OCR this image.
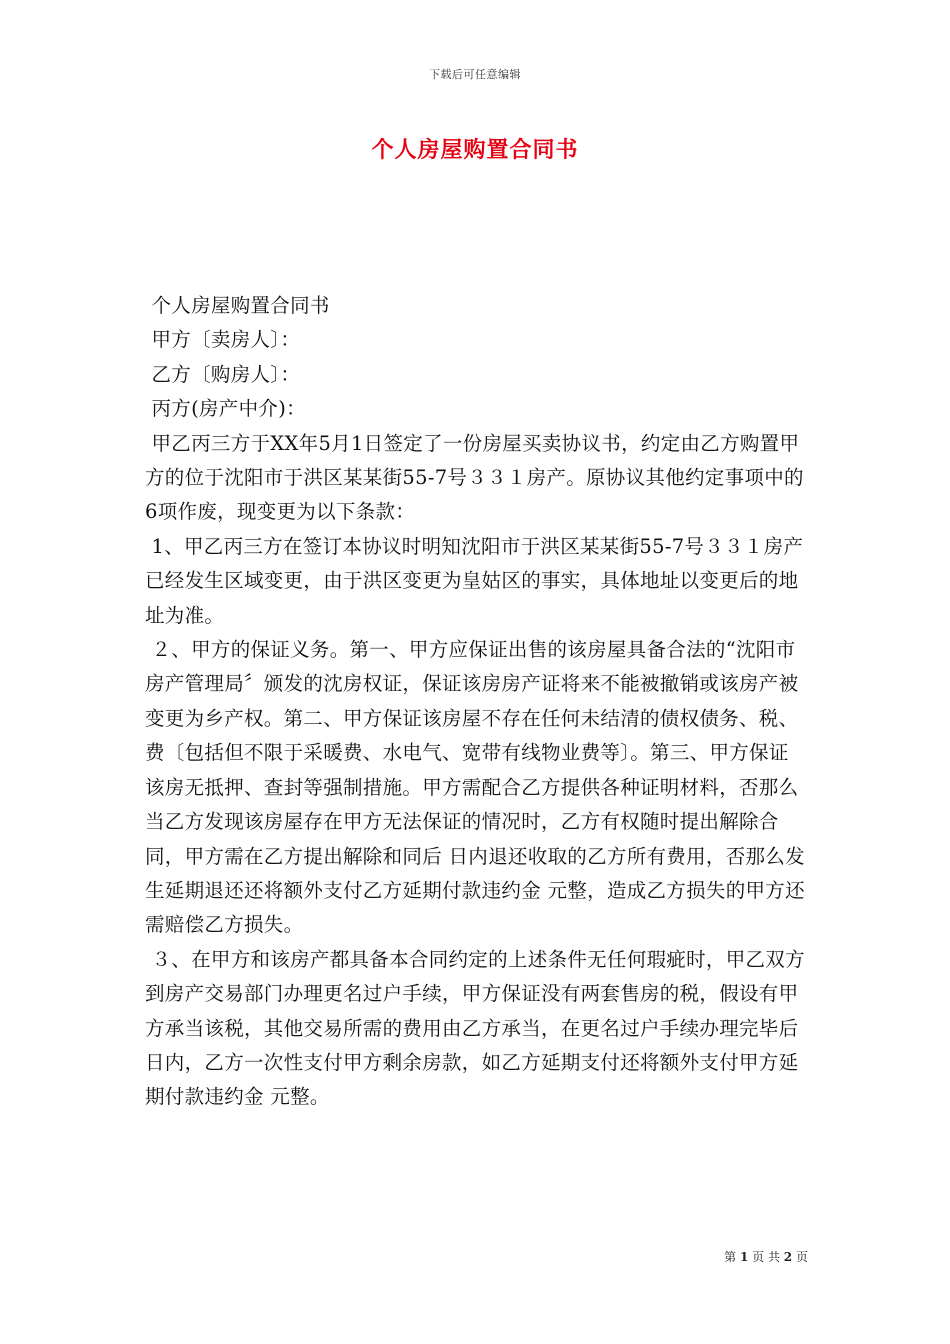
下载后可任意编辑
个人房屋购置合同书

个人房屋购置合同书

甲方〔卖房人〕：

乙方〔购房人〕：

丙方(房产中介)：

甲乙丙三方于XX年5月1日签定了一份房屋买卖协议书，约定由乙方购置甲方的位于沈阳市于洪区某某街55-7号３３１房产。原协议其他约定事项中的6项作废，现变更为以下条款：

1、甲乙丙三方在签订本协议时明知沈阳市于洪区某某街55-7号３３１房产已经发生区域变更，由于洪区变更为皇姑区的事实，具体地址以变更后的地址为准。

２、甲方的保证义务。第一、甲方应保证出售的该房屋具备合法的“沈阳市房产管理局〞颁发的沈房权证，保证该房房产证将来不能被撤销或该房产被变更为乡产权。第二、甲方保证该房屋不存在任何未结清的债权债务、税、费〔包括但不限于采暖费、水电气、宽带有线物业费等〕。第三、甲方保证该房无抵押、查封等强制措施。甲方需配合乙方提供各种证明材料，否那么当乙方发现该房屋存在甲方无法保证的情况时，乙方有权随时提出解除合同，甲方需在乙方提出解除和同后 日内退还收取的乙方所有费用，否那么发生延期退还还将额外支付乙方延期付款违约金 元整，造成乙方损失的甲方还需赔偿乙方损失。

３、在甲方和该房产都具备本合同约定的上述条件无任何瑕疵时，甲乙双方到房产交易部门办理更名过户手续，甲方保证没有两套售房的税，假设有甲方承当该税，其他交易所需的费用由乙方承当，在更名过户手续办理完毕后 日内，乙方一次性支付甲方剩余房款，如乙方延期支付还将额外支付甲方延期付款违约金 元整。

第 1 页 共 2 页
